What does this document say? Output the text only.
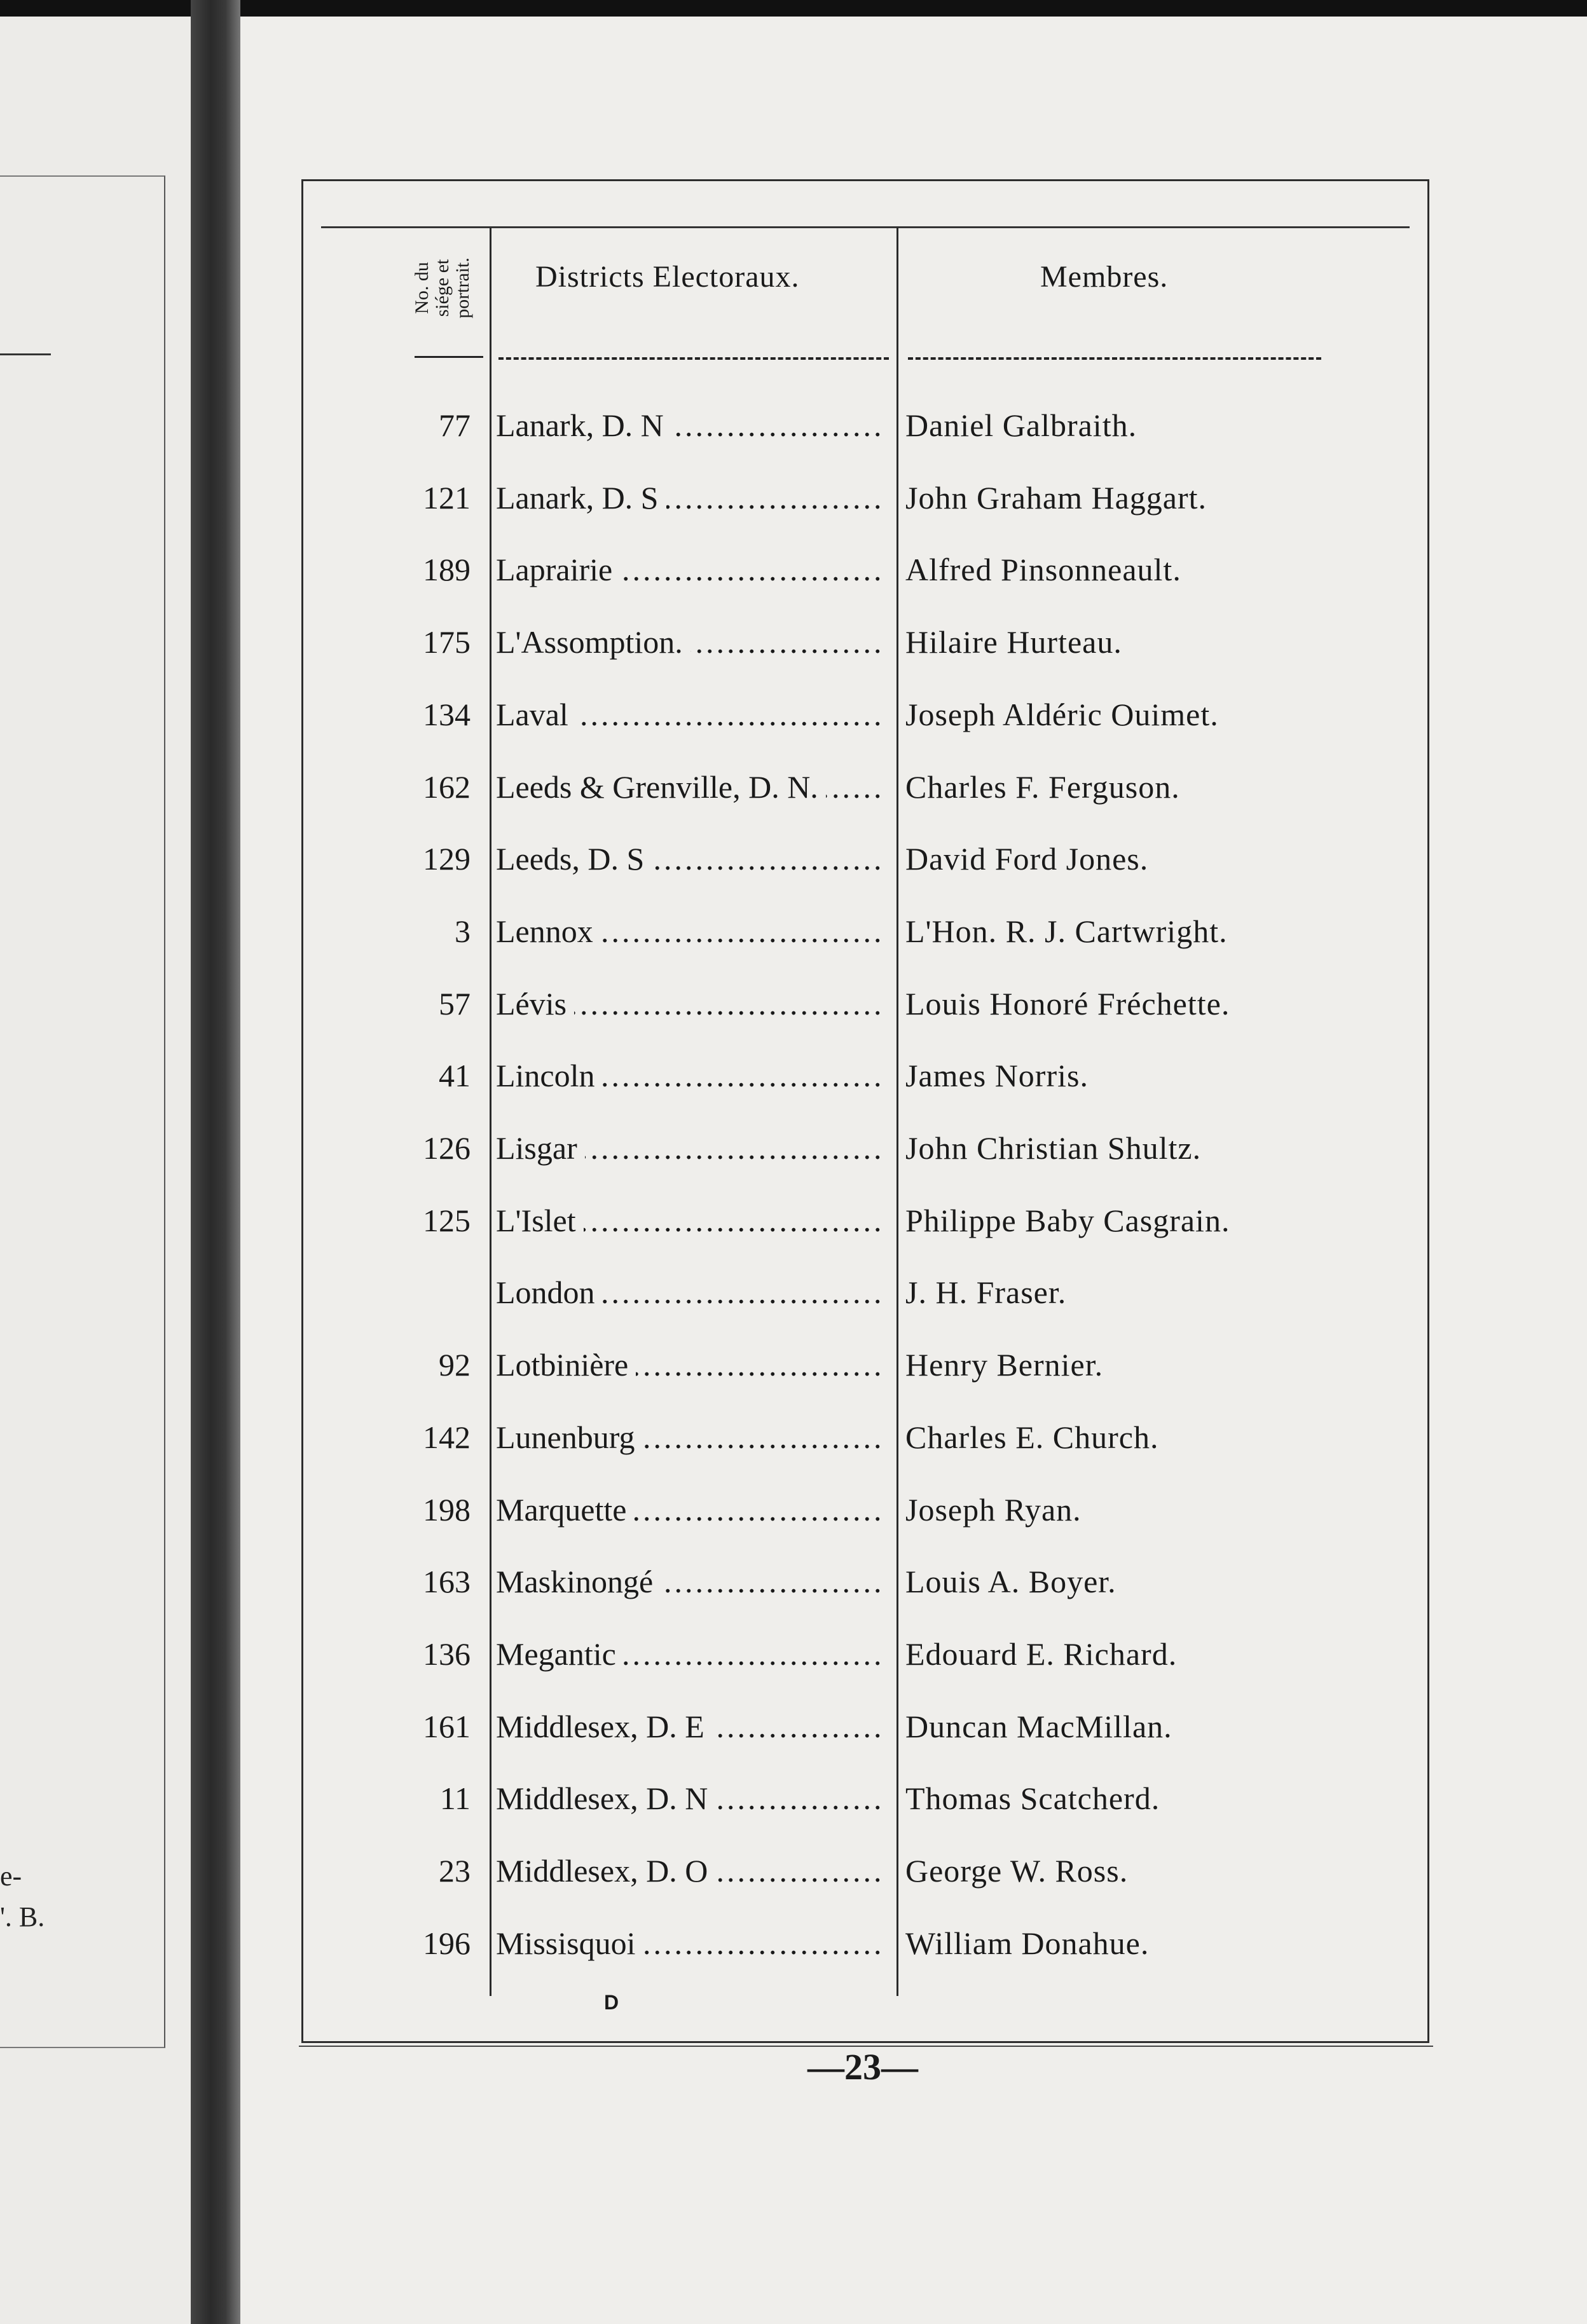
e-
'. B.
No. du siége et portrait. Districts Electoraux.	Membres.
77 Lanark, D. N .....	Daniel Galbraith.
121 Lanark, D. S .....	John Graham Haggart.
189 Laprairie .....	Alfred Pinsonneault.
175 L'Assomption. .....	Hilaire Hurteau.
134 Laval .....	Joseph Aldéric Ouimet.
162 Leeds & Grenville, D. N. .....	Charles F. Ferguson.
129 Leeds, D. S .....	David Ford Jones.
3 Lennox .....	L'Hon. R. J. Cartwright.
57 Lévis .....	Louis Honoré Fréchette.
41 Lincoln .....	James Norris.
126 Lisgar .....	John Christian Shultz.
125 L'Islet .....	Philippe Baby Casgrain.
London .....	J. H. Fraser.
92 Lotbinière .....	Henry Bernier.
142 Lunenburg .....	Charles E. Church.
198 Marquette .....	Joseph Ryan.
163 Maskinongé .....	Louis A. Boyer.
136 Megantic .....	Edouard E. Richard.
161 Middlesex, D. E .....	Duncan MacMillan.
11 Middlesex, D. N .....	Thomas Scatcherd.
23 Middlesex, D. O .....	George W. Ross.
196 Missisquoi .....	William Donahue.
D
—23—
